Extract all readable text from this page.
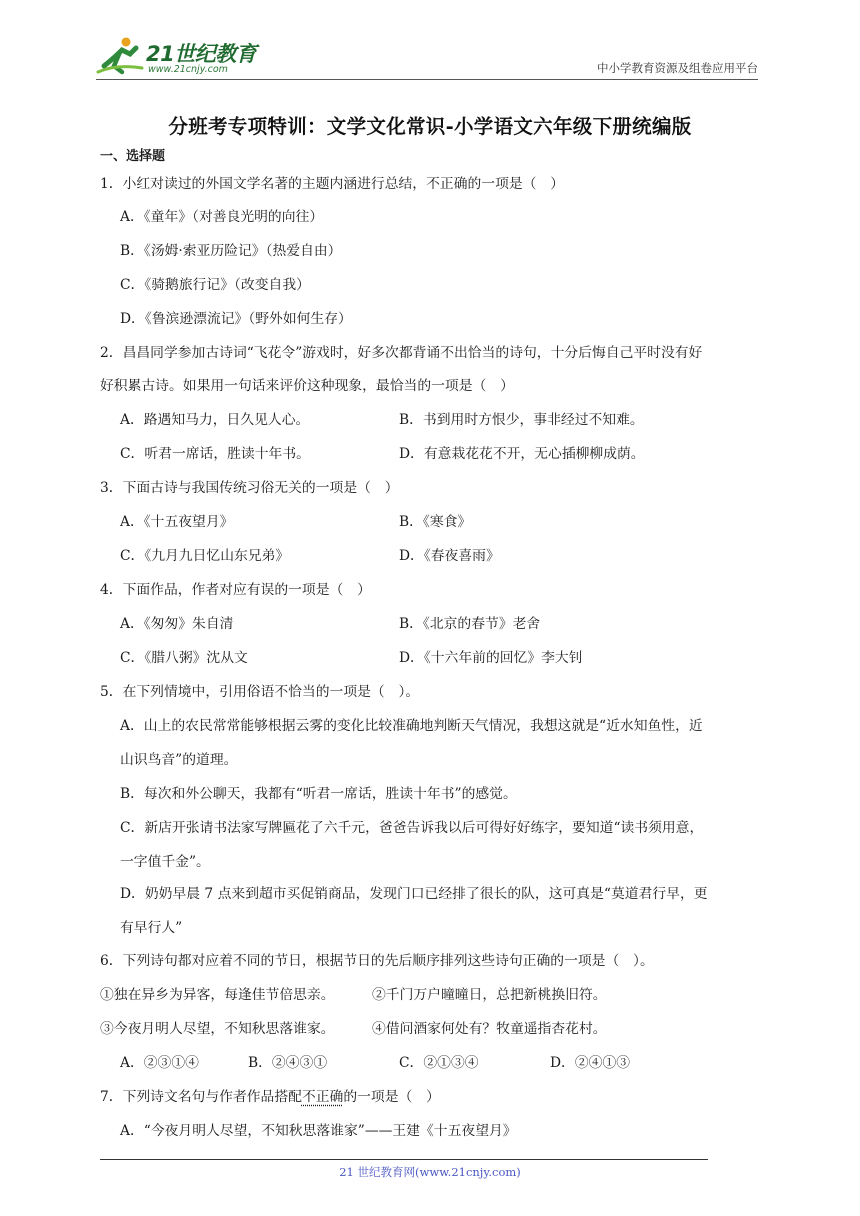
21世纪教育
www.21cnjy.com	中小学教育资源及组卷应用平台
分班考专项特训：文学文化常识-小学语文六年级下册统编版
一、选择题
1．小红对读过的外国文学名著的主题内涵进行总结，不正确的一项是（　）
A．《童年》（对善良光明的向往）
B．《汤姆·索亚历险记》（热爱自由）
C．《骑鹅旅行记》（改变自我）
D．《鲁滨逊漂流记》（野外如何生存）
2．昌昌同学参加古诗词“飞花令”游戏时，好多次都背诵不出恰当的诗句，十分后悔自己平时没有好
好积累古诗。如果用一句话来评价这种现象，最恰当的一项是（　）
A．路遇知马力，日久见人心。	B．书到用时方恨少，事非经过不知难。
C．听君一席话，胜读十年书。	D．有意栽花花不开，无心插柳柳成荫。
3．下面古诗与我国传统习俗无关的一项是（　）
A．《十五夜望月》	B．《寒食》
C．《九月九日忆山东兄弟》	D．《春夜喜雨》
4．下面作品，作者对应有误的一项是（　）
A．《匆匆》朱自清	B．《北京的春节》老舍
C．《腊八粥》沈从文	D．《十六年前的回忆》李大钊
5．在下列情境中，引用俗语不恰当的一项是（　）。
A．山上的农民常常能够根据云雾的变化比较准确地判断天气情况，我想这就是“近水知鱼性，近
山识鸟音”的道理。
B．每次和外公聊天，我都有“听君一席话，胜读十年书”的感觉。
C．新店开张请书法家写牌匾花了六千元，爸爸告诉我以后可得好好练字，要知道“读书须用意，
一字值千金”。
D．奶奶早晨 7 点来到超市买促销商品，发现门口已经排了很长的队，这可真是“莫道君行早，更
有早行人”
6．下列诗句都对应着不同的节日，根据节日的先后顺序排列这些诗句正确的一项是（　）。
①独在异乡为异客，每逢佳节倍思亲。	②千门万户曈曈日，总把新桃换旧符。
③今夜月明人尽望，不知秋思落谁家。	④借问酒家何处有？牧童遥指杏花村。
A．②③①④	B．②④③①	C．②①③④	D．②④①③
7．下列诗文名句与作者作品搭配不正确的一项是（　）
A．“今夜月明人尽望，不知秋思落谁家”——王建《十五夜望月》
21 世纪教育网(www.21cnjy.com)
